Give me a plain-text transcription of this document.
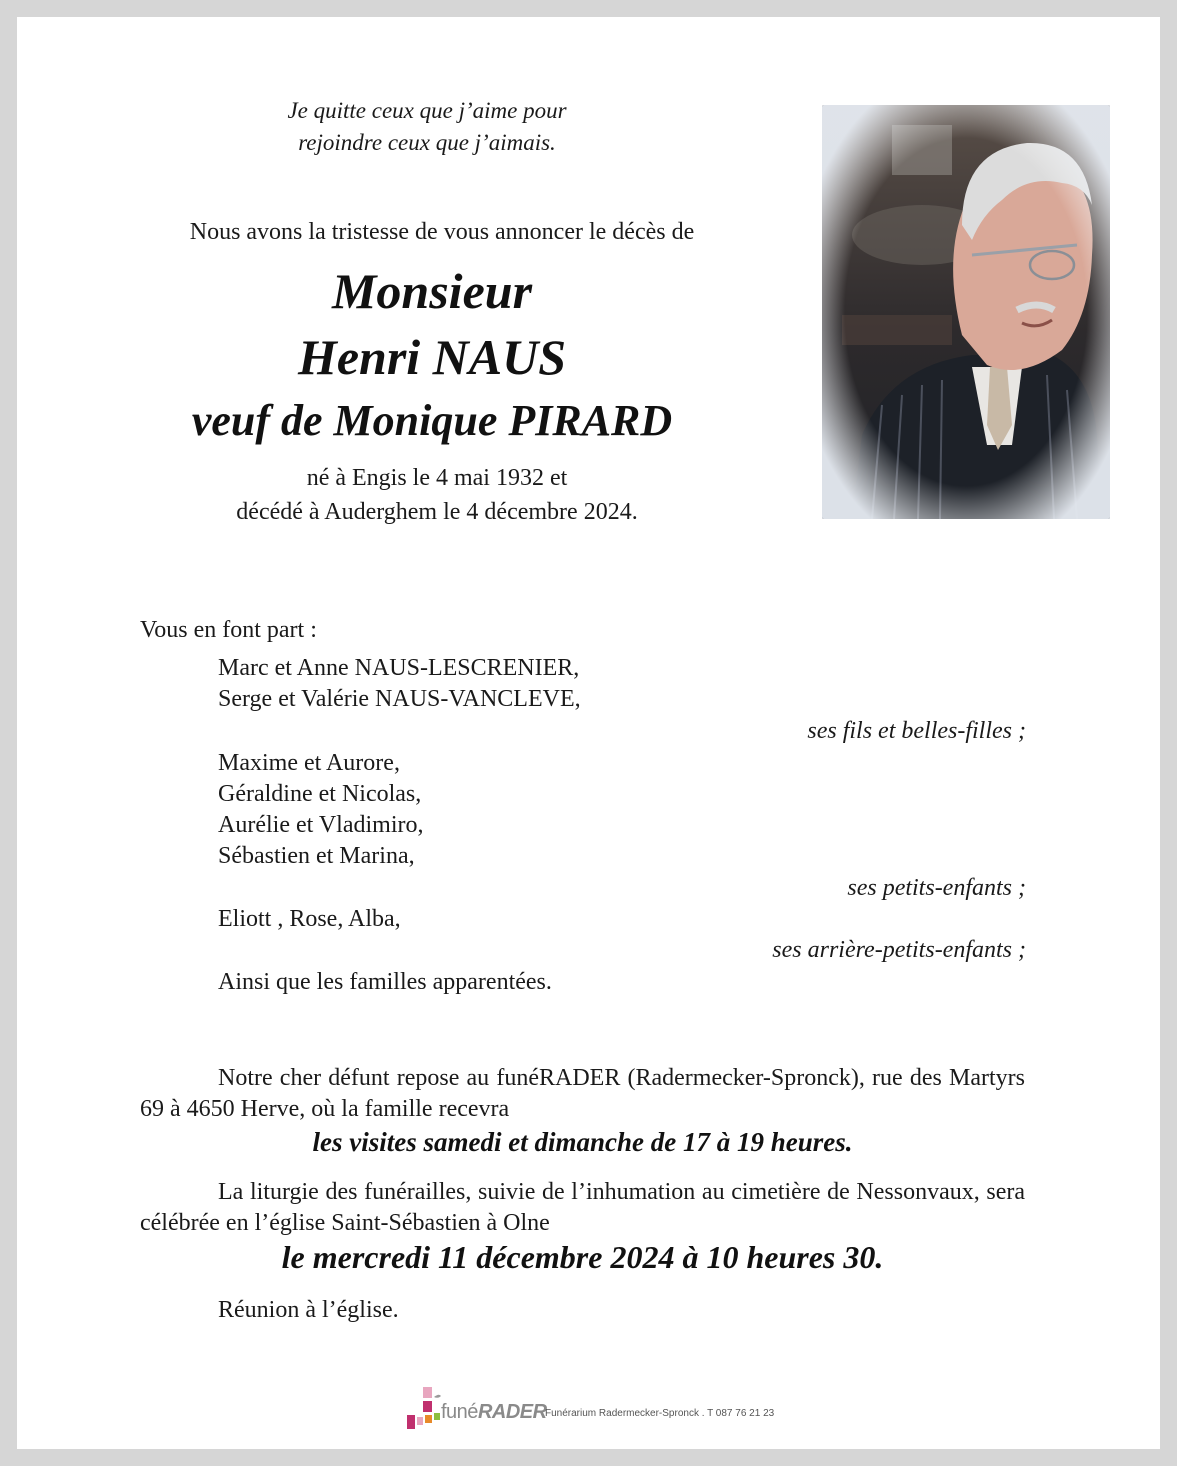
Je quitte ceux que j’aime pour
rejoindre ceux que j’aimais.
Nous avons la tristesse de vous annoncer le décès de
Monsieur
Henri NAUS
veuf de Monique PIRARD
né à Engis le 4 mai 1932 et
décédé à Auderghem le 4 décembre 2024.
Vous en font part :
Marc et Anne NAUS-LESCRENIER,
Serge et Valérie NAUS-VANCLEVE,
ses fils et belles-filles ;
Maxime et Aurore,
Géraldine et Nicolas,
Aurélie et Vladimiro,
Sébastien et Marina,
ses petits-enfants ;
Eliott , Rose, Alba,
ses arrière-petits-enfants ;
Ainsi que les familles apparentées.
Notre cher défunt repose au funéRADER (Radermecker-Spronck), rue des Martyrs 69 à 4650 Herve, où la famille recevra
les visites samedi et dimanche de 17 à 19 heures.
La liturgie des funérailles, suivie de l’inhumation au cimetière de Nessonvaux, sera célébrée en l’église Saint-Sébastien à Olne
le mercredi 11 décembre 2024 à 10 heures 30.
Réunion à l’église.
funéRADER
Funérarium Radermecker-Spronck . T 087 76 21 23
